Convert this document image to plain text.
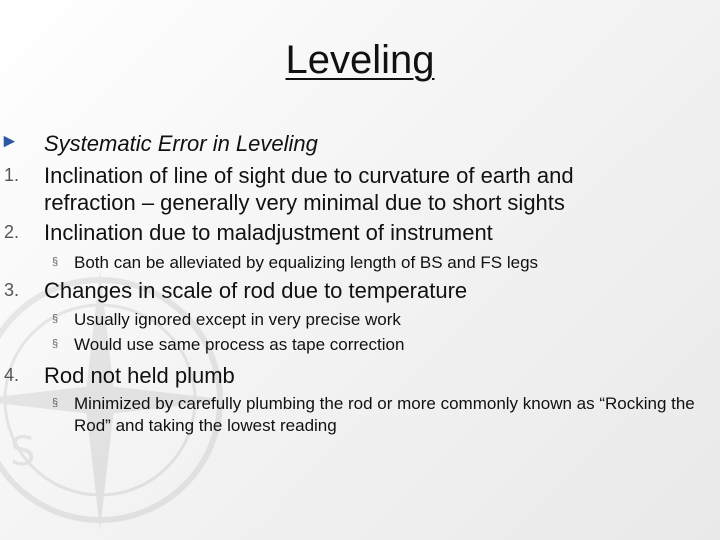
S
Leveling
► Systematic Error in Leveling
1. Inclination of line of sight due to curvature of earth and
refraction – generally very minimal due to short sights
2. Inclination due to maladjustment of instrument
§ Both can be alleviated by equalizing length of BS and FS legs
3. Changes in scale of rod due to temperature
§ Usually ignored except in very precise work
§ Would use same process as tape correction
4. Rod not held plumb
§ Minimized by carefully plumbing the rod or more commonly known as “Rocking the Rod” and taking the lowest reading
